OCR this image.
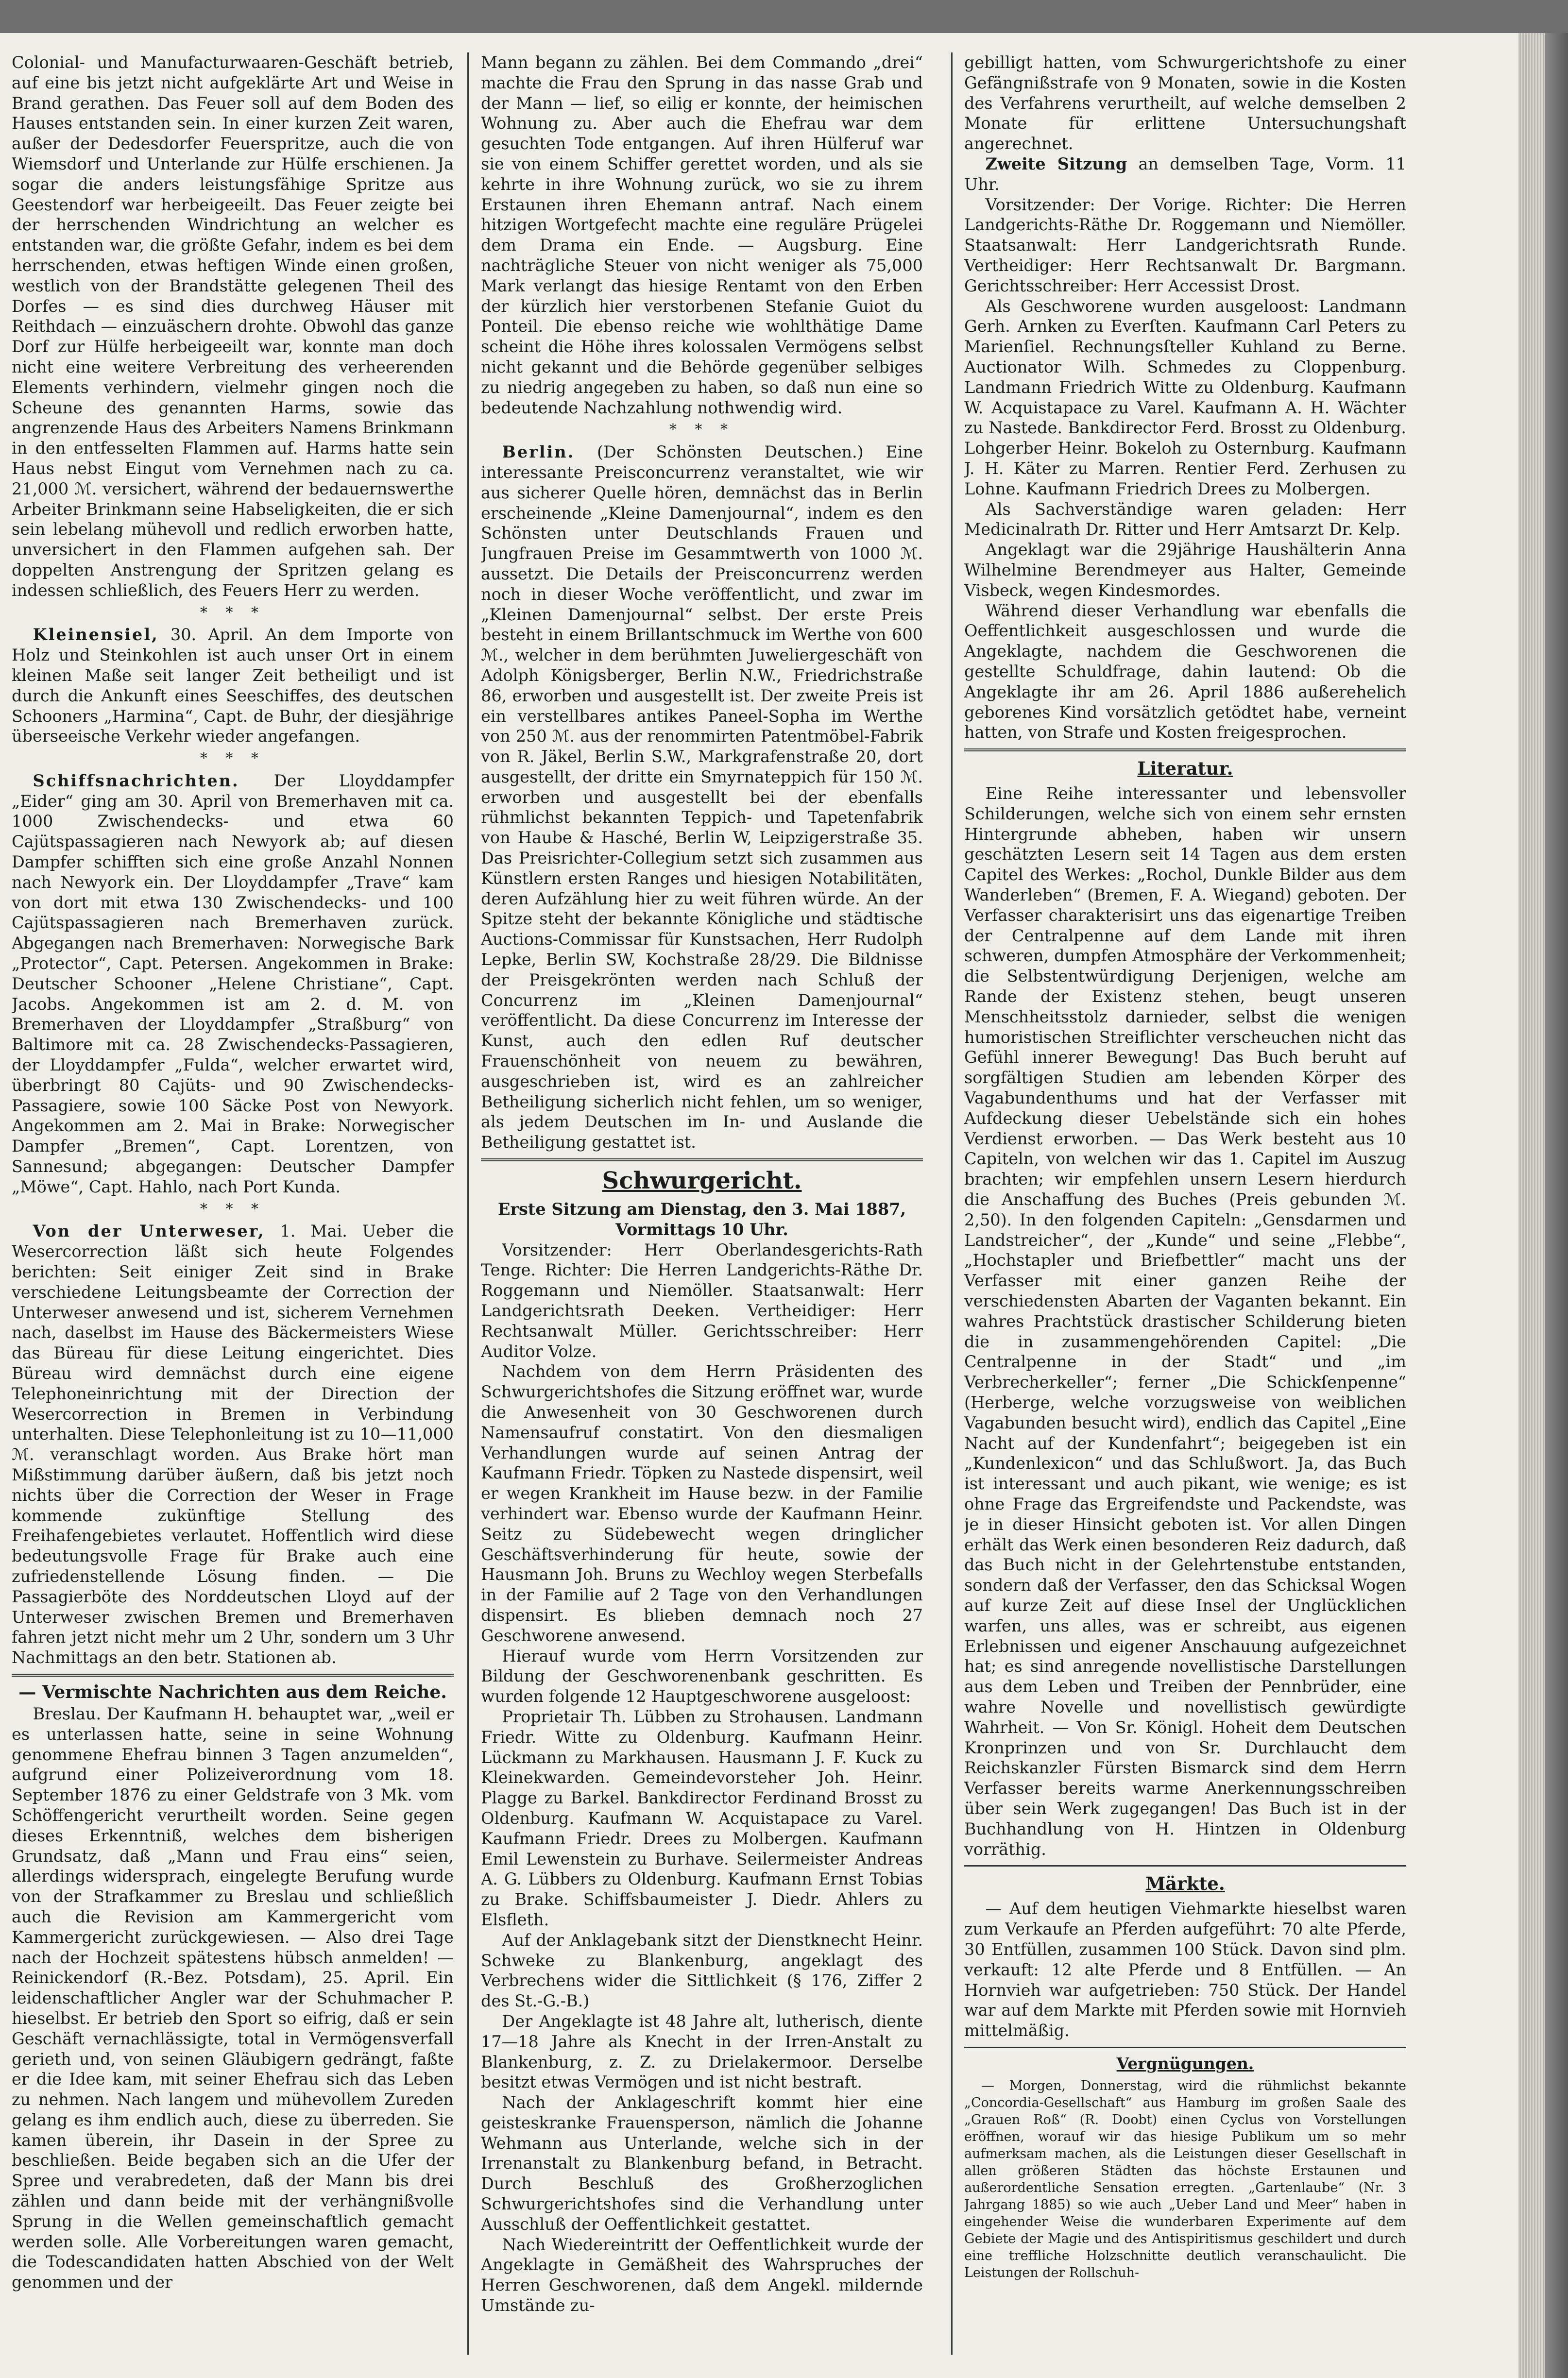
Colonial- und Manufacturwaaren-Geschäft betrieb, auf eine bis jetzt nicht aufgeklärte Art und Weise in Brand gerathen. Das Feuer soll auf dem Boden des Hauses entstanden sein. In einer kurzen Zeit waren, außer der Dedesdorfer Feuerspritze, auch die von Wiemsdorf und Unterlande zur Hülfe erschienen. Ja sogar die anders leistungsfähige Spritze aus Geestendorf war herbeigeeilt. Das Feuer zeigte bei der herrschenden Windrichtung an welcher es entstanden war, die größte Gefahr, indem es bei dem herrschenden, etwas heftigen Winde einen großen, westlich von der Brandstätte gelegenen Theil des Dorfes — es sind dies durchweg Häuser mit Reithdach — einzuäschern drohte. Obwohl das ganze Dorf zur Hülfe herbeigeeilt war, konnte man doch nicht eine weitere Verbreitung des verheerenden Elements verhindern, vielmehr gingen noch die Scheune des genannten Harms, sowie das angrenzende Haus des Arbeiters Namens Brinkmann in den entfesselten Flammen auf. Harms hatte sein Haus nebst Eingut vom Vernehmen nach zu ca. 21,000 ℳ. versichert, während der bedauernswerthe Arbeiter Brinkmann seine Habseligkeiten, die er sich sein lebelang mühevoll und redlich erworben hatte, unversichert in den Flammen aufgehen sah. Der doppelten Anstrengung der Spritzen gelang es indessen schließlich, des Feuers Herr zu werden.

* * *

Kleinensiel, 30. April. An dem Importe von Holz und Steinkohlen ist auch unser Ort in einem kleinen Maße seit langer Zeit betheiligt und ist durch die Ankunft eines Seeschiffes, des deutschen Schooners „Harmina“, Capt. de Buhr, der diesjährige überseeische Verkehr wieder angefangen.

* * *

Schiffsnachrichten. Der Lloyddampfer „Eider“ ging am 30. April von Bremerhaven mit ca. 1000 Zwischendecks- und etwa 60 Cajütspassagieren nach Newyork ab; auf diesen Dampfer schifften sich eine große Anzahl Nonnen nach Newyork ein. Der Lloyddampfer „Trave“ kam von dort mit etwa 130 Zwischendecks- und 100 Cajütspassagieren nach Bremerhaven zurück. Abgegangen nach Bremerhaven: Norwegische Bark „Protector“, Capt. Petersen. Angekommen in Brake: Deutscher Schooner „Helene Christiane“, Capt. Jacobs. Angekommen ist am 2. d. M. von Bremerhaven der Lloyddampfer „Straßburg“ von Baltimore mit ca. 28 Zwischendecks-Passagieren, der Lloyddampfer „Fulda“, welcher erwartet wird, überbringt 80 Cajüts- und 90 Zwischendecks-Passagiere, sowie 100 Säcke Post von Newyork. Angekommen am 2. Mai in Brake: Norwegischer Dampfer „Bremen“, Capt. Lorentzen, von Sannesund; abgegangen: Deutscher Dampfer „Möwe“, Capt. Hahlo, nach Port Kunda.

* * *

Von der Unterweser, 1. Mai. Ueber die Wesercorrection läßt sich heute Folgendes berichten: Seit einiger Zeit sind in Brake verschiedene Leitungsbeamte der Correction der Unterweser anwesend und ist, sicherem Vernehmen nach, daselbst im Hause des Bäckermeisters Wiese das Büreau für diese Leitung eingerichtet. Dies Büreau wird demnächst durch eine eigene Telephoneinrichtung mit der Direction der Wesercorrection in Bremen in Verbindung unterhalten. Diese Telephonleitung ist zu 10—11,000 ℳ. veranschlagt worden. Aus Brake hört man Mißstimmung darüber äußern, daß bis jetzt noch nichts über die Correction der Weser in Frage kommende zukünftige Stellung des Freihafengebietes verlautet. Hoffentlich wird diese bedeutungsvolle Frage für Brake auch eine zufriedenstellende Lösung finden. — Die Passagierböte des Norddeutschen Lloyd auf der Unterweser zwischen Bremen und Bremerhaven fahren jetzt nicht mehr um 2 Uhr, sondern um 3 Uhr Nachmittags an den betr. Stationen ab.

— Vermischte Nachrichten aus dem Reiche.

Breslau. Der Kaufmann H. behauptet war, „weil er es unterlassen hatte, seine in seine Wohnung genommene Ehefrau binnen 3 Tagen anzumelden“, aufgrund einer Polizeiverordnung vom 18. September 1876 zu einer Geldstrafe von 3 Mk. vom Schöffengericht verurtheilt worden. Seine gegen dieses Erkenntniß, welches dem bisherigen Grundsatz, daß „Mann und Frau eins“ seien, allerdings widersprach, eingelegte Berufung wurde von der Strafkammer zu Breslau und schließlich auch die Revision am Kammergericht vom Kammergericht zurückgewiesen. — Also drei Tage nach der Hochzeit spätestens hübsch anmelden! — Reinickendorf (R.-Bez. Potsdam), 25. April. Ein leidenschaftlicher Angler war der Schuhmacher P. hieselbst. Er betrieb den Sport so eifrig, daß er sein Geschäft vernachlässigte, total in Vermögensverfall gerieth und, von seinen Gläubigern gedrängt, faßte er die Idee kam, mit seiner Ehefrau sich das Leben zu nehmen. Nach langem und mühevollem Zureden gelang es ihm endlich auch, diese zu überreden. Sie kamen überein, ihr Dasein in der Spree zu beschließen. Beide begaben sich an die Ufer der Spree und verabredeten, daß der Mann bis drei zählen und dann beide mit der verhängnißvolle Sprung in die Wellen gemeinschaftlich gemacht werden solle. Alle Vorbereitungen waren gemacht, die Todescandidaten hatten Abschied von der Welt genommen und der

Mann begann zu zählen. Bei dem Commando „drei“ machte die Frau den Sprung in das nasse Grab und der Mann — lief, so eilig er konnte, der heimischen Wohnung zu. Aber auch die Ehefrau war dem gesuchten Tode entgangen. Auf ihren Hülferuf war sie von einem Schiffer gerettet worden, und als sie kehrte in ihre Wohnung zurück, wo sie zu ihrem Erstaunen ihren Ehemann antraf. Nach einem hitzigen Wortgefecht machte eine reguläre Prügelei dem Drama ein Ende. — Augsburg. Eine nachträgliche Steuer von nicht weniger als 75,000 Mark verlangt das hiesige Rentamt von den Erben der kürzlich hier verstorbenen Stefanie Guiot du Ponteil. Die ebenso reiche wie wohlthätige Dame scheint die Höhe ihres kolossalen Vermögens selbst nicht gekannt und die Behörde gegenüber selbiges zu niedrig angegeben zu haben, so daß nun eine so bedeutende Nachzahlung nothwendig wird.

* * *

Berlin. (Der Schönsten Deutschen.) Eine interessante Preisconcurrenz veranstaltet, wie wir aus sicherer Quelle hören, demnächst das in Berlin erscheinende „Kleine Damenjournal“, indem es den Schönsten unter Deutschlands Frauen und Jungfrauen Preise im Gesammtwerth von 1000 ℳ. aussetzt. Die Details der Preisconcurrenz werden noch in dieser Woche veröffentlicht, und zwar im „Kleinen Damenjournal“ selbst. Der erste Preis besteht in einem Brillantschmuck im Werthe von 600 ℳ., welcher in dem berühmten Juweliergeschäft von Adolph Königsberger, Berlin N.W., Friedrichstraße 86, erworben und ausgestellt ist. Der zweite Preis ist ein verstellbares antikes Paneel-Sopha im Werthe von 250 ℳ. aus der renommirten Patentmöbel-Fabrik von R. Jäkel, Berlin S.W., Markgrafenstraße 20, dort ausgestellt, der dritte ein Smyrnateppich für 150 ℳ. erworben und ausgestellt bei der ebenfalls rühmlichst bekannten Teppich- und Tapetenfabrik von Haube & Hasché, Berlin W, Leipzigerstraße 35. Das Preisrichter-Collegium setzt sich zusammen aus Künstlern ersten Ranges und hiesigen Notabilitäten, deren Aufzählung hier zu weit führen würde. An der Spitze steht der bekannte Königliche und städtische Auctions-Commissar für Kunstsachen, Herr Rudolph Lepke, Berlin SW, Kochstraße 28/29. Die Bildnisse der Preisgekrönten werden nach Schluß der Concurrenz im „Kleinen Damenjournal“ veröffentlicht. Da diese Concurrenz im Interesse der Kunst, auch den edlen Ruf deutscher Frauenschönheit von neuem zu bewähren, ausgeschrieben ist, wird es an zahlreicher Betheiligung sicherlich nicht fehlen, um so weniger, als jedem Deutschen im In- und Auslande die Betheiligung gestattet ist.

Schwurgericht.
Erste Sitzung am Dienstag, den 3. Mai 1887, Vormittags 10 Uhr.

Vorsitzender: Herr Oberlandesgerichts-Rath Tenge. Richter: Die Herren Landgerichts-Räthe Dr. Roggemann und Niemöller. Staatsanwalt: Herr Landgerichtsrath Deeken. Vertheidiger: Herr Rechtsanwalt Müller. Gerichtsschreiber: Herr Auditor Volze.

Nachdem von dem Herrn Präsidenten des Schwurgerichtshofes die Sitzung eröffnet war, wurde die Anwesenheit von 30 Geschworenen durch Namensaufruf constatirt. Von den diesmaligen Verhandlungen wurde auf seinen Antrag der Kaufmann Friedr. Töpken zu Nastede dispensirt, weil er wegen Krankheit im Hause bezw. in der Familie verhindert war. Ebenso wurde der Kaufmann Heinr. Seitz zu Südebewecht wegen dringlicher Geschäftsverhinderung für heute, sowie der Hausmann Joh. Bruns zu Wechloy wegen Sterbefalls in der Familie auf 2 Tage von den Verhandlungen dispensirt. Es blieben demnach noch 27 Geschworene anwesend.

Hierauf wurde vom Herrn Vorsitzenden zur Bildung der Geschworenenbank geschritten. Es wurden folgende 12 Hauptgeschworene ausgeloost:

Proprietair Th. Lübben zu Strohausen. Landmann Friedr. Witte zu Oldenburg. Kaufmann Heinr. Lückmann zu Markhausen. Hausmann J. F. Kuck zu Kleinekwarden. Gemeindevorsteher Joh. Heinr. Plagge zu Barkel. Bankdirector Ferdinand Brosst zu Oldenburg. Kaufmann W. Acquistapace zu Varel. Kaufmann Friedr. Drees zu Molbergen. Kaufmann Emil Lewenstein zu Burhave. Seilermeister Andreas A. G. Lübbers zu Oldenburg. Kaufmann Ernst Tobias zu Brake. Schiffsbaumeister J. Diedr. Ahlers zu Elsfleth.

Auf der Anklagebank sitzt der Dienstknecht Heinr. Schweke zu Blankenburg, angeklagt des Verbrechens wider die Sittlichkeit (§ 176, Ziffer 2 des St.-G.-B.)

Der Angeklagte ist 48 Jahre alt, lutherisch, diente 17—18 Jahre als Knecht in der Irren-Anstalt zu Blankenburg, z. Z. zu Drielakermoor. Derselbe besitzt etwas Vermögen und ist nicht bestraft.

Nach der Anklageschrift kommt hier eine geisteskranke Frauensperson, nämlich die Johanne Wehmann aus Unterlande, welche sich in der Irrenanstalt zu Blankenburg befand, in Betracht. Durch Beschluß des Großherzoglichen Schwurgerichtshofes sind die Verhandlung unter Ausschluß der Oeffentlichkeit gestattet.

Nach Wiedereintritt der Oeffentlichkeit wurde der Angeklagte in Gemäßheit des Wahrspruches der Herren Geschworenen, daß dem Angekl. mildernde Umstände zu-

gebilligt hatten, vom Schwurgerichtshofe zu einer Gefängnißstrafe von 9 Monaten, sowie in die Kosten des Verfahrens verurtheilt, auf welche demselben 2 Monate für erlittene Untersuchungshaft angerechnet.

Zweite Sitzung an demselben Tage, Vorm. 11 Uhr.

Vorsitzender: Der Vorige. Richter: Die Herren Landgerichts-Räthe Dr. Roggemann und Niemöller. Staatsanwalt: Herr Landgerichtsrath Runde. Vertheidiger: Herr Rechtsanwalt Dr. Bargmann. Gerichtsschreiber: Herr Accessist Drost.

Als Geschworene wurden ausgeloost: Landmann Gerh. Arnken zu Everſten. Kaufmann Carl Peters zu Marienſiel. Rechnungsſteller Kuhland zu Berne. Auctionator Wilh. Schmedes zu Cloppenburg. Landmann Friedrich Witte zu Oldenburg. Kaufmann W. Acquistapace zu Varel. Kaufmann A. H. Wächter zu Nastede. Bankdirector Ferd. Brosst zu Oldenburg. Lohgerber Heinr. Bokeloh zu Osternburg. Kaufmann J. H. Käter zu Marren. Rentier Ferd. Zerhusen zu Lohne. Kaufmann Friedrich Drees zu Molbergen.

Als Sachverständige waren geladen: Herr Medicinalrath Dr. Ritter und Herr Amtsarzt Dr. Kelp.

Angeklagt war die 29jährige Haushälterin Anna Wilhelmine Berendmeyer aus Halter, Gemeinde Visbeck, wegen Kindesmordes.

Während dieser Verhandlung war ebenfalls die Oeffentlichkeit ausgeschlossen und wurde die Angeklagte, nachdem die Geschworenen die gestellte Schuldfrage, dahin lautend: Ob die Angeklagte ihr am 26. April 1886 außerehelich geborenes Kind vorsätzlich getödtet habe, verneint hatten, von Strafe und Kosten freigesprochen.

Literatur.

Eine Reihe interessanter und lebensvoller Schilderungen, welche sich von einem sehr ernsten Hintergrunde abheben, haben wir unsern geschätzten Lesern seit 14 Tagen aus dem ersten Capitel des Werkes: „Rochol, Dunkle Bilder aus dem Wanderleben“ (Bremen, F. A. Wiegand) geboten. Der Verfasser charakterisirt uns das eigenartige Treiben der Centralpenne auf dem Lande mit ihren schweren, dumpfen Atmosphäre der Verkommenheit; die Selbstentwürdigung Derjenigen, welche am Rande der Existenz stehen, beugt unseren Menschheitsstolz darnieder, selbst die wenigen humoristischen Streiflichter verscheuchen nicht das Gefühl innerer Bewegung! Das Buch beruht auf sorgfältigen Studien am lebenden Körper des Vagabundenthums und hat der Verfasser mit Aufdeckung dieser Uebelstände sich ein hohes Verdienst erworben. — Das Werk besteht aus 10 Capiteln, von welchen wir das 1. Capitel im Auszug brachten; wir empfehlen unsern Lesern hierdurch die Anschaffung des Buches (Preis gebunden ℳ. 2,50). In den folgenden Capiteln: „Gensdarmen und Landstreicher“, der „Kunde“ und seine „Flebbe“, „Hochstapler und Briefbettler“ macht uns der Verfasser mit einer ganzen Reihe der verschiedensten Abarten der Vaganten bekannt. Ein wahres Prachtstück drastischer Schilderung bieten die in zusammengehörenden Capitel: „Die Centralpenne in der Stadt“ und „im Verbrecherkeller“; ferner „Die Schickſenpenne“ (Herberge, welche vorzugsweise von weiblichen Vagabunden besucht wird), endlich das Capitel „Eine Nacht auf der Kundenfahrt“; beigegeben ist ein „Kundenlexicon“ und das Schlußwort. Ja, das Buch ist interessant und auch pikant, wie wenige; es ist ohne Frage das Ergreifendste und Packendste, was je in dieser Hinsicht geboten ist. Vor allen Dingen erhält das Werk einen besonderen Reiz dadurch, daß das Buch nicht in der Gelehrtenstube entstanden, sondern daß der Verfasser, den das Schicksal Wogen auf kurze Zeit auf diese Insel der Unglücklichen warfen, uns alles, was er schreibt, aus eigenen Erlebnissen und eigener Anschauung aufgezeichnet hat; es sind anregende novellistische Darstellungen aus dem Leben und Treiben der Pennbrüder, eine wahre Novelle und novellistisch gewürdigte Wahrheit. — Von Sr. Königl. Hoheit dem Deutschen Kronprinzen und von Sr. Durchlaucht dem Reichskanzler Fürsten Bismarck sind dem Herrn Verfasser bereits warme Anerkennungsschreiben über sein Werk zugegangen! Das Buch ist in der Buchhandlung von H. Hintzen in Oldenburg vorräthig.

Märkte.

— Auf dem heutigen Viehmarkte hieselbst waren zum Verkaufe an Pferden aufgeführt: 70 alte Pferde, 30 Entfüllen, zusammen 100 Stück. Davon sind plm. verkauft: 12 alte Pferde und 8 Entfüllen. — An Hornvieh war aufgetrieben: 750 Stück. Der Handel war auf dem Markte mit Pferden sowie mit Hornvieh mittelmäßig.

Vergnügungen.

— Morgen, Donnerstag, wird die rühmlichst bekannte „Concordia-Gesellschaft“ aus Hamburg im großen Saale des „Grauen Roß“ (R. Doobt) einen Cyclus von Vorstellungen eröffnen, worauf wir das hiesige Publikum um so mehr aufmerksam machen, als die Leistungen dieser Gesellschaft in allen größeren Städten das höchste Erstaunen und außerordentliche Sensation erregten. „Gartenlaube“ (Nr. 3 Jahrgang 1885) so wie auch „Ueber Land und Meer“ haben in eingehender Weise die wunderbaren Experimente auf dem Gebiete der Magie und des Antispiritismus geschildert und durch eine treffliche Holzschnitte deutlich veranschaulicht. Die Leistungen der Rollschuh-
